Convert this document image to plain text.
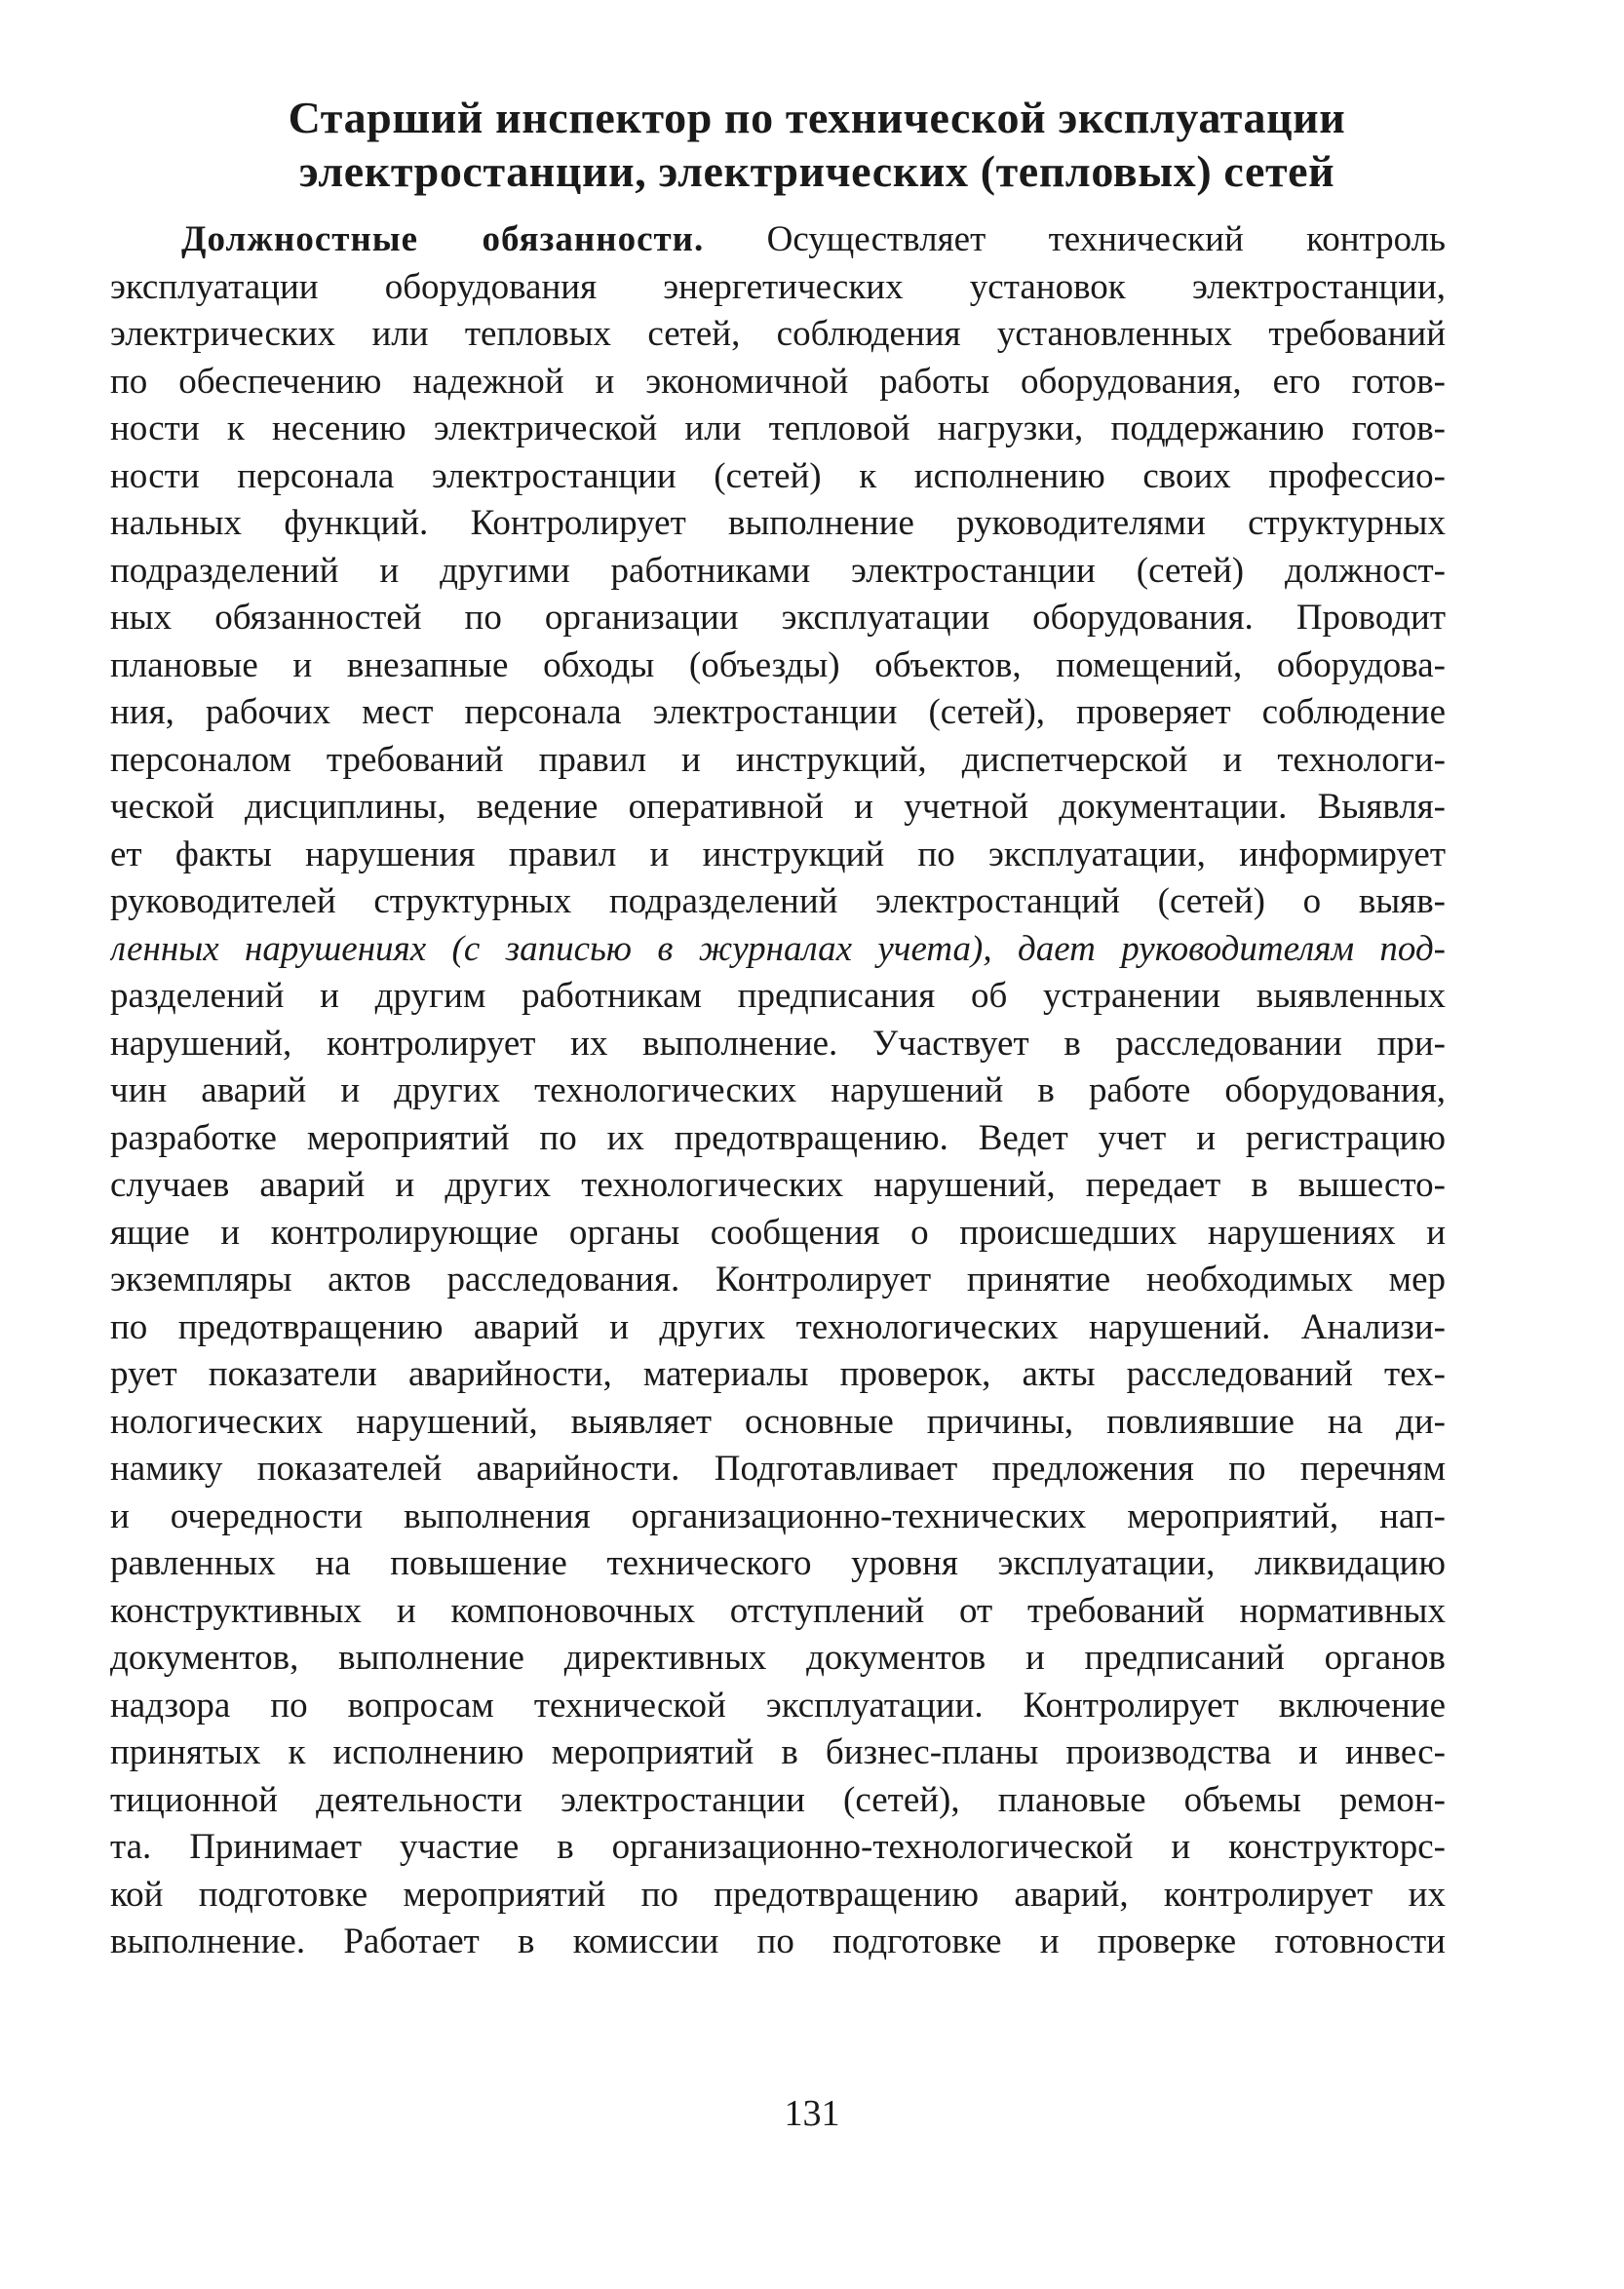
Старший инспектор по технической эксплуатации
электростанции, электрических (тепловых) сетей
Должностные обязанности. Осуществляет технический контроль
эксплуатации оборудования энергетических установок электростанции,
электрических или тепловых сетей, соблюдения установленных требований
по обеспечению надежной и экономичной работы оборудования, его готов-
ности к несению электрической или тепловой нагрузки, поддержанию готов-
ности персонала электростанции (сетей) к исполнению своих профессио-
нальных функций. Контролирует выполнение руководителями структурных
подразделений и другими работниками электростанции (сетей) должност-
ных обязанностей по организации эксплуатации оборудования. Проводит
плановые и внезапные обходы (объезды) объектов, помещений, оборудова-
ния, рабочих мест персонала электростанции (сетей), проверяет соблюдение
персоналом требований правил и инструкций, диспетчерской и технологи-
ческой дисциплины, ведение оперативной и учетной документации. Выявля-
ет факты нарушения правил и инструкций по эксплуатации, информирует
руководителей структурных подразделений электростанций (сетей) о выяв-
ленных нарушениях (с записью в журналах учета), дает руководителям под-
разделений и другим работникам предписания об устранении выявленных
нарушений, контролирует их выполнение. Участвует в расследовании при-
чин аварий и других технологических нарушений в работе оборудования,
разработке мероприятий по их предотвращению. Ведет учет и регистрацию
случаев аварий и других технологических нарушений, передает в вышесто-
ящие и контролирующие органы сообщения о происшедших нарушениях и
экземпляры актов расследования. Контролирует принятие необходимых мер
по предотвращению аварий и других технологических нарушений. Анализи-
рует показатели аварийности, материалы проверок, акты расследований тех-
нологических нарушений, выявляет основные причины, повлиявшие на ди-
намику показателей аварийности. Подготавливает предложения по перечням
и очередности выполнения организационно-технических мероприятий, нап-
равленных на повышение технического уровня эксплуатации, ликвидацию
конструктивных и компоновочных отступлений от требований нормативных
документов, выполнение директивных документов и предписаний органов
надзора по вопросам технической эксплуатации. Контролирует включение
принятых к исполнению мероприятий в бизнес-планы производства и инвес-
тиционной деятельности электростанции (сетей), плановые объемы ремон-
та. Принимает участие в организационно-технологической и конструкторс-
кой подготовке мероприятий по предотвращению аварий, контролирует их
выполнение. Работает в комиссии по подготовке и проверке готовности
131
